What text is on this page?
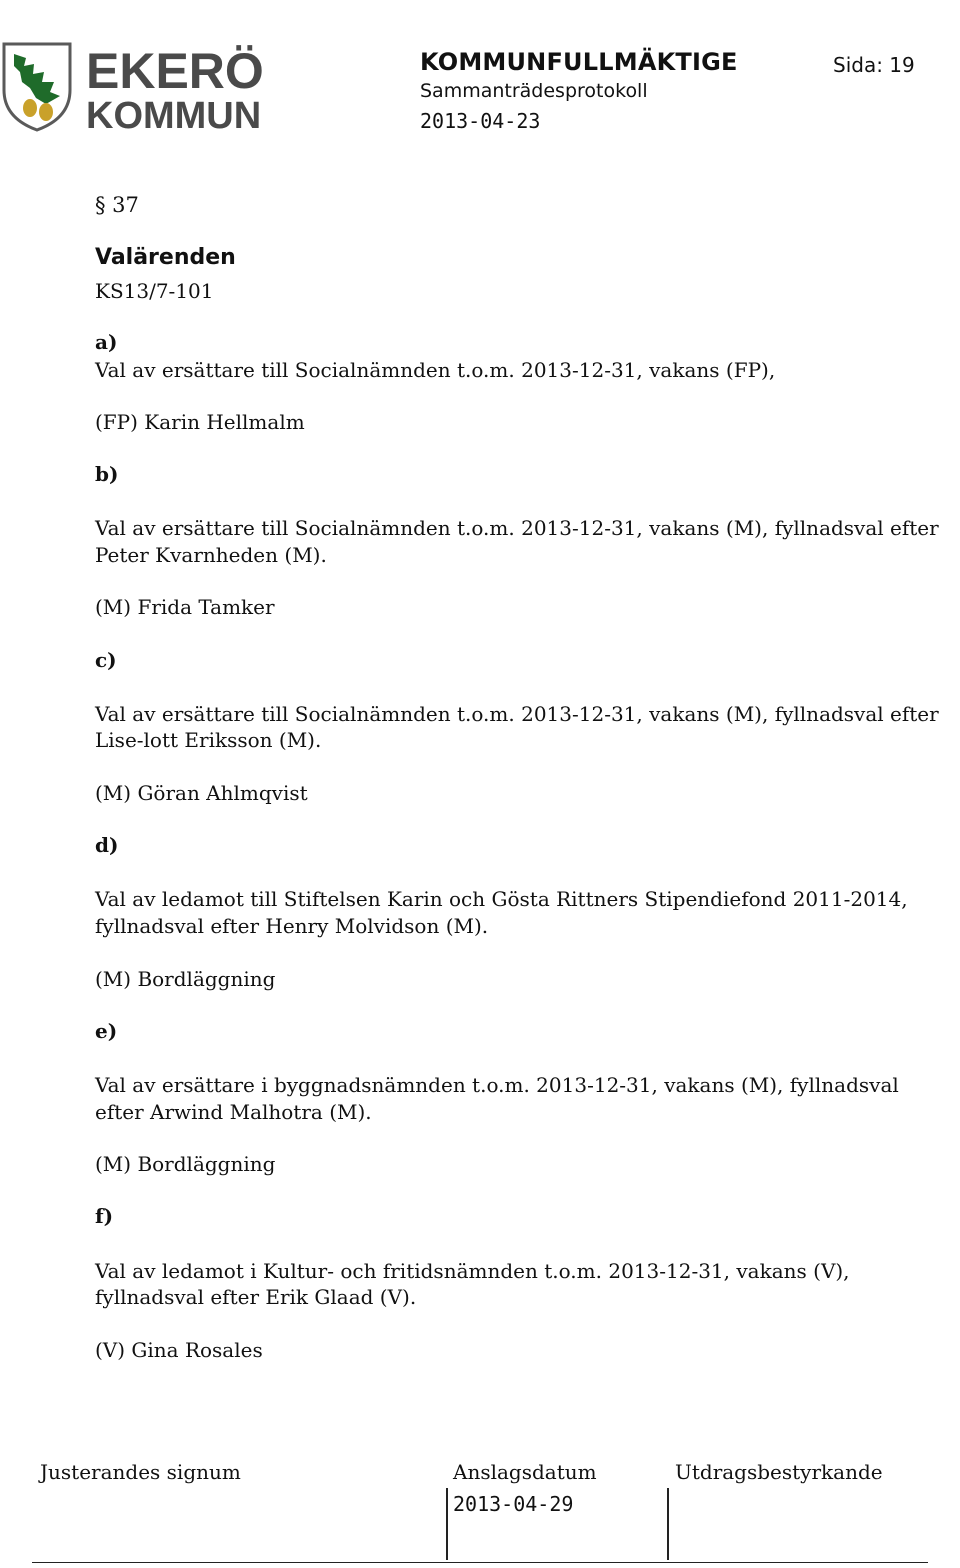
EKERÖ
KOMMUN
KOMMUNFULLMÄKTIGE
Sammanträdesprotokoll
2013-04-23
Sida: 19
§ 37
Valärenden
KS13/7-101
a)
Val av ersättare till Socialnämnden t.o.m. 2013-12-31, vakans (FP),
(FP) Karin Hellmalm
b)
Val av ersättare till Socialnämnden t.o.m. 2013-12-31, vakans (M), fyllnadsval efter
Peter Kvarnheden (M).
(M) Frida Tamker
c)
Val av ersättare till Socialnämnden t.o.m. 2013-12-31, vakans (M), fyllnadsval efter
Lise-lott Eriksson (M).
(M) Göran Ahlmqvist
d)
Val av ledamot till Stiftelsen Karin och Gösta Rittners Stipendiefond 2011-2014,
fyllnadsval efter Henry Molvidson (M).
(M) Bordläggning
e)
Val av ersättare i byggnadsnämnden t.o.m. 2013-12-31, vakans (M), fyllnadsval
efter Arwind Malhotra (M).
(M) Bordläggning
f)
Val av ledamot i Kultur- och fritidsnämnden t.o.m. 2013-12-31, vakans (V),
fyllnadsval efter Erik Glaad (V).
(V) Gina Rosales
Justerandes signum	Anslagsdatum
2013-04-29
Utdragsbestyrkande
